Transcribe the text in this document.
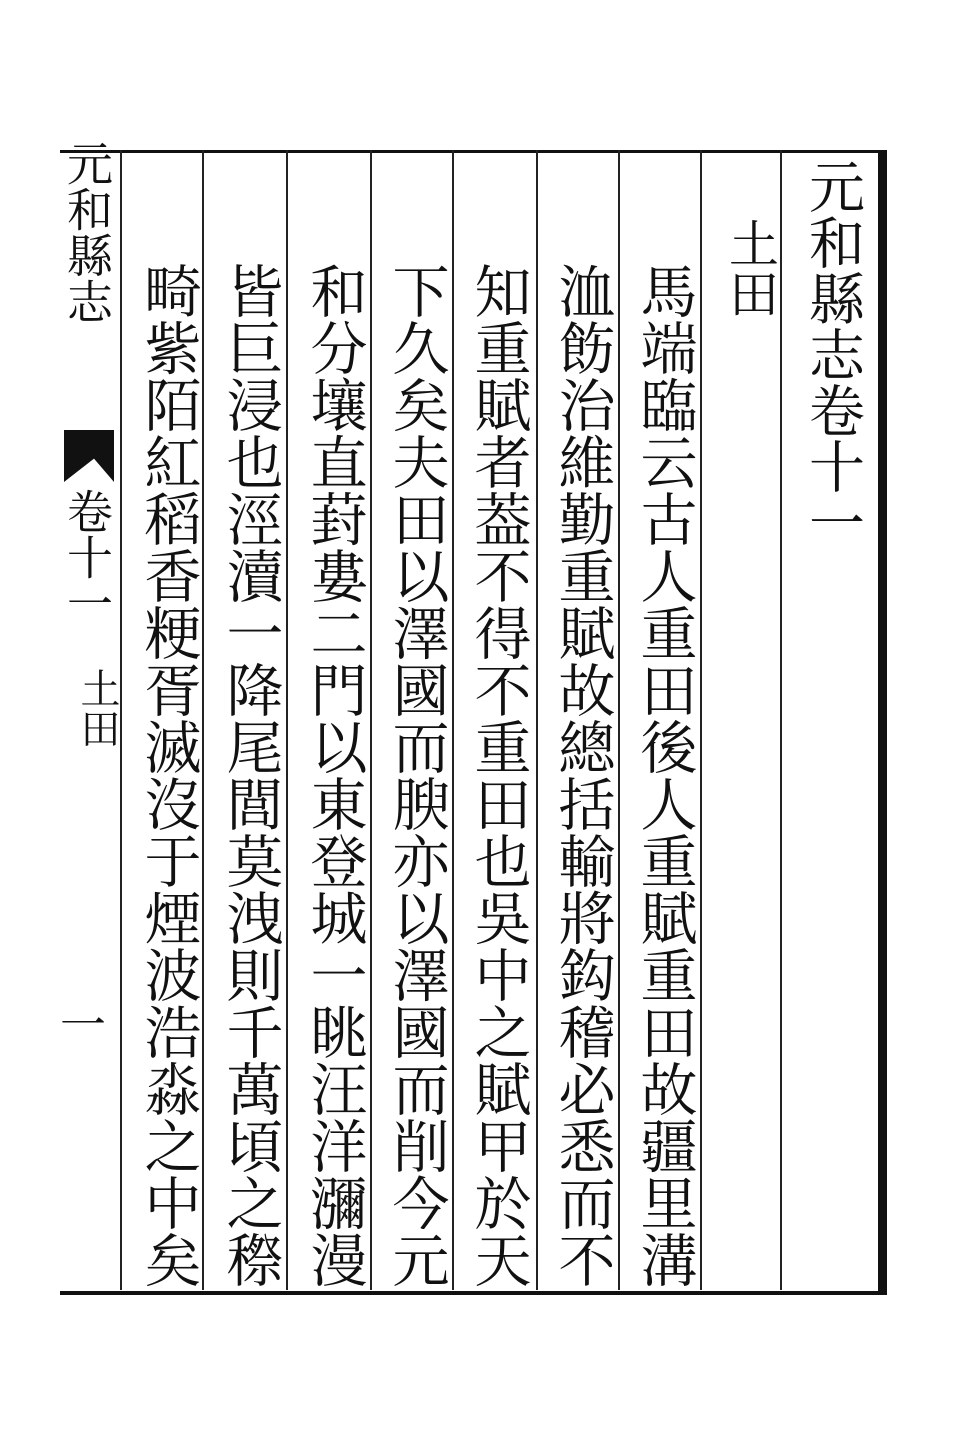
元和縣志卷十一
土田
馬端臨云古人重田後人重賦重田故疆里溝
洫飭治維勤重賦故總括輸將鈎稽必悉而不
知重賦者葢不得不重田也吳中之賦甲於天
下久矣夫田以澤國而腴亦以澤國而削今元
和分壤直葑婁二門以東登城一眺汪洋瀰漫
皆巨浸也涇瀆一降尾閭莫洩則千萬頃之穄
畸紫陌紅稻香粳胥滅沒于煙波浩淼之中矣
元和縣志
卷十一
土田
一
